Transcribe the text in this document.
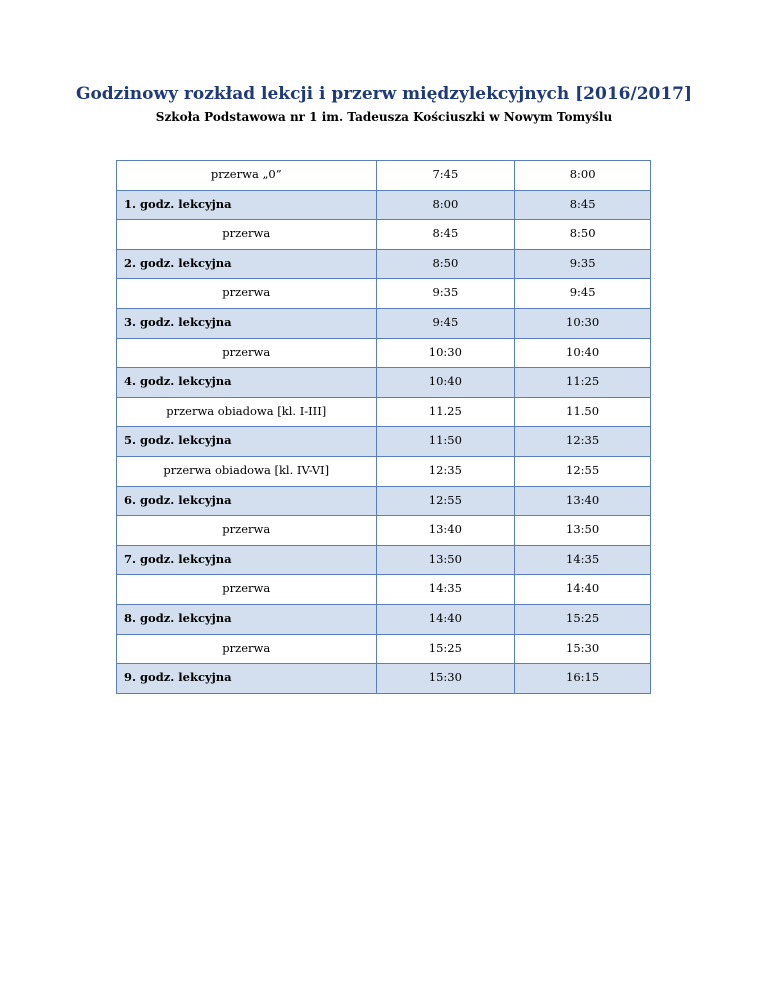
Godzinowy rozkład lekcji i przerw międzylekcyjnych [2016/2017]
Szkoła Podstawowa nr 1 im. Tadeusza Kościuszki w Nowym Tomyślu
przerwa „0”	7:45	8:00

1. godz. lekcyjna	8:00	8:45

przerwa	8:45	8:50

2. godz. lekcyjna	8:50	9:35

przerwa	9:35	9:45

3. godz. lekcyjna	9:45	10:30

przerwa	10:30	10:40

4. godz. lekcyjna	10:40	11:25

przerwa obiadowa [kl. I-III]	11.25	11.50

5. godz. lekcyjna	11:50	12:35

przerwa obiadowa [kl. IV-VI]	12:35	12:55

6. godz. lekcyjna	12:55	13:40

przerwa	13:40	13:50

7. godz. lekcyjna	13:50	14:35

przerwa	14:35	14:40

8. godz. lekcyjna	14:40	15:25

przerwa	15:25	15:30

9. godz. lekcyjna	15:30	16:15
